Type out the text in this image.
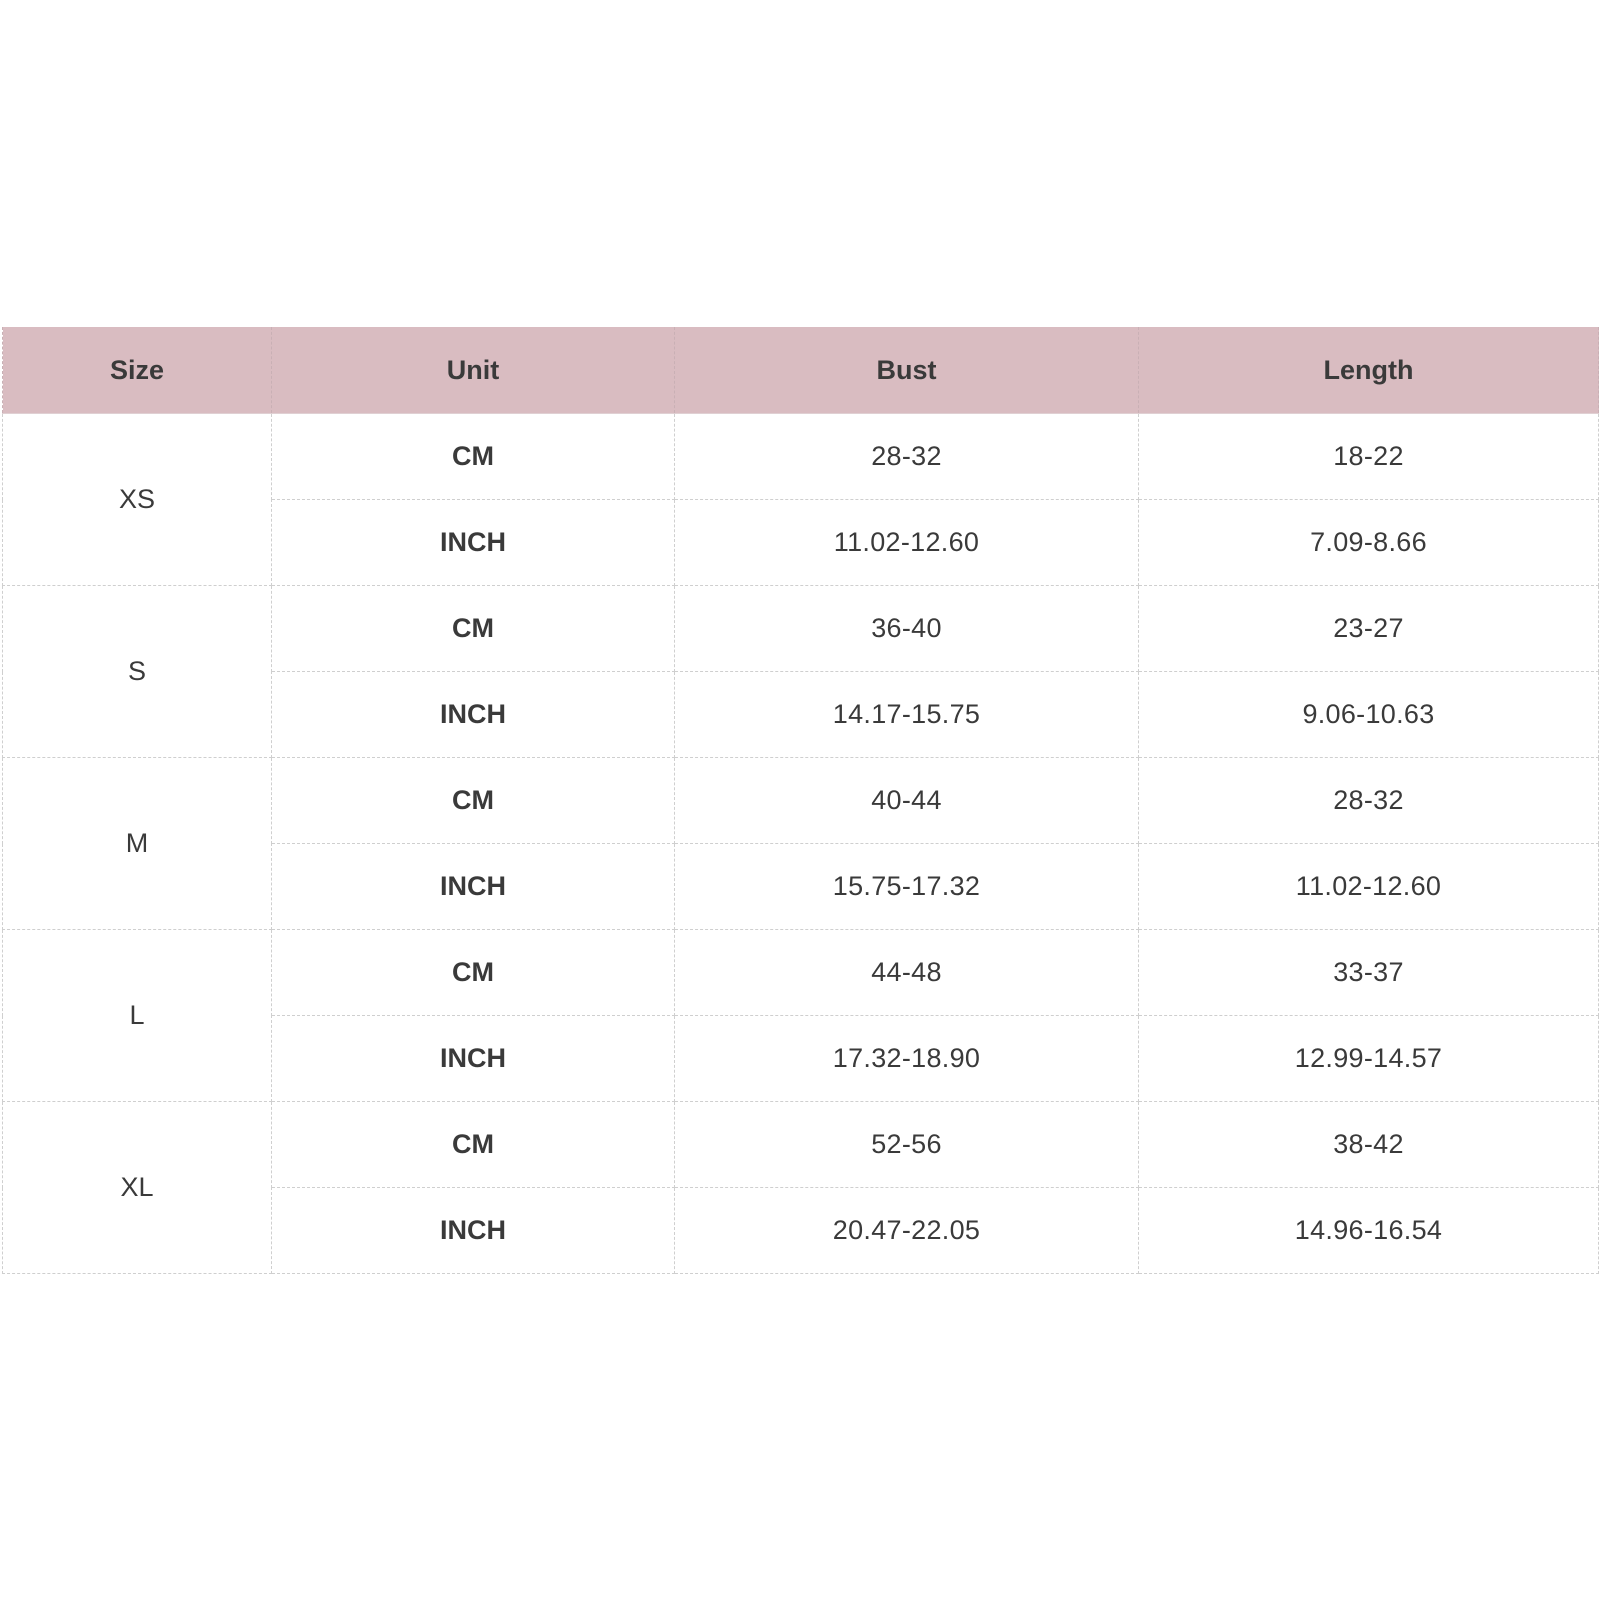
Size	Unit	Bust	Length
XS	CM	28-32	18-22
	INCH	11.02-12.60	7.09-8.66
S	CM	36-40	23-27
	INCH	14.17-15.75	9.06-10.63
M	CM	40-44	28-32
	INCH	15.75-17.32	11.02-12.60
L	CM	44-48	33-37
	INCH	17.32-18.90	12.99-14.57
XL	CM	52-56	38-42
	INCH	20.47-22.05	14.96-16.54
